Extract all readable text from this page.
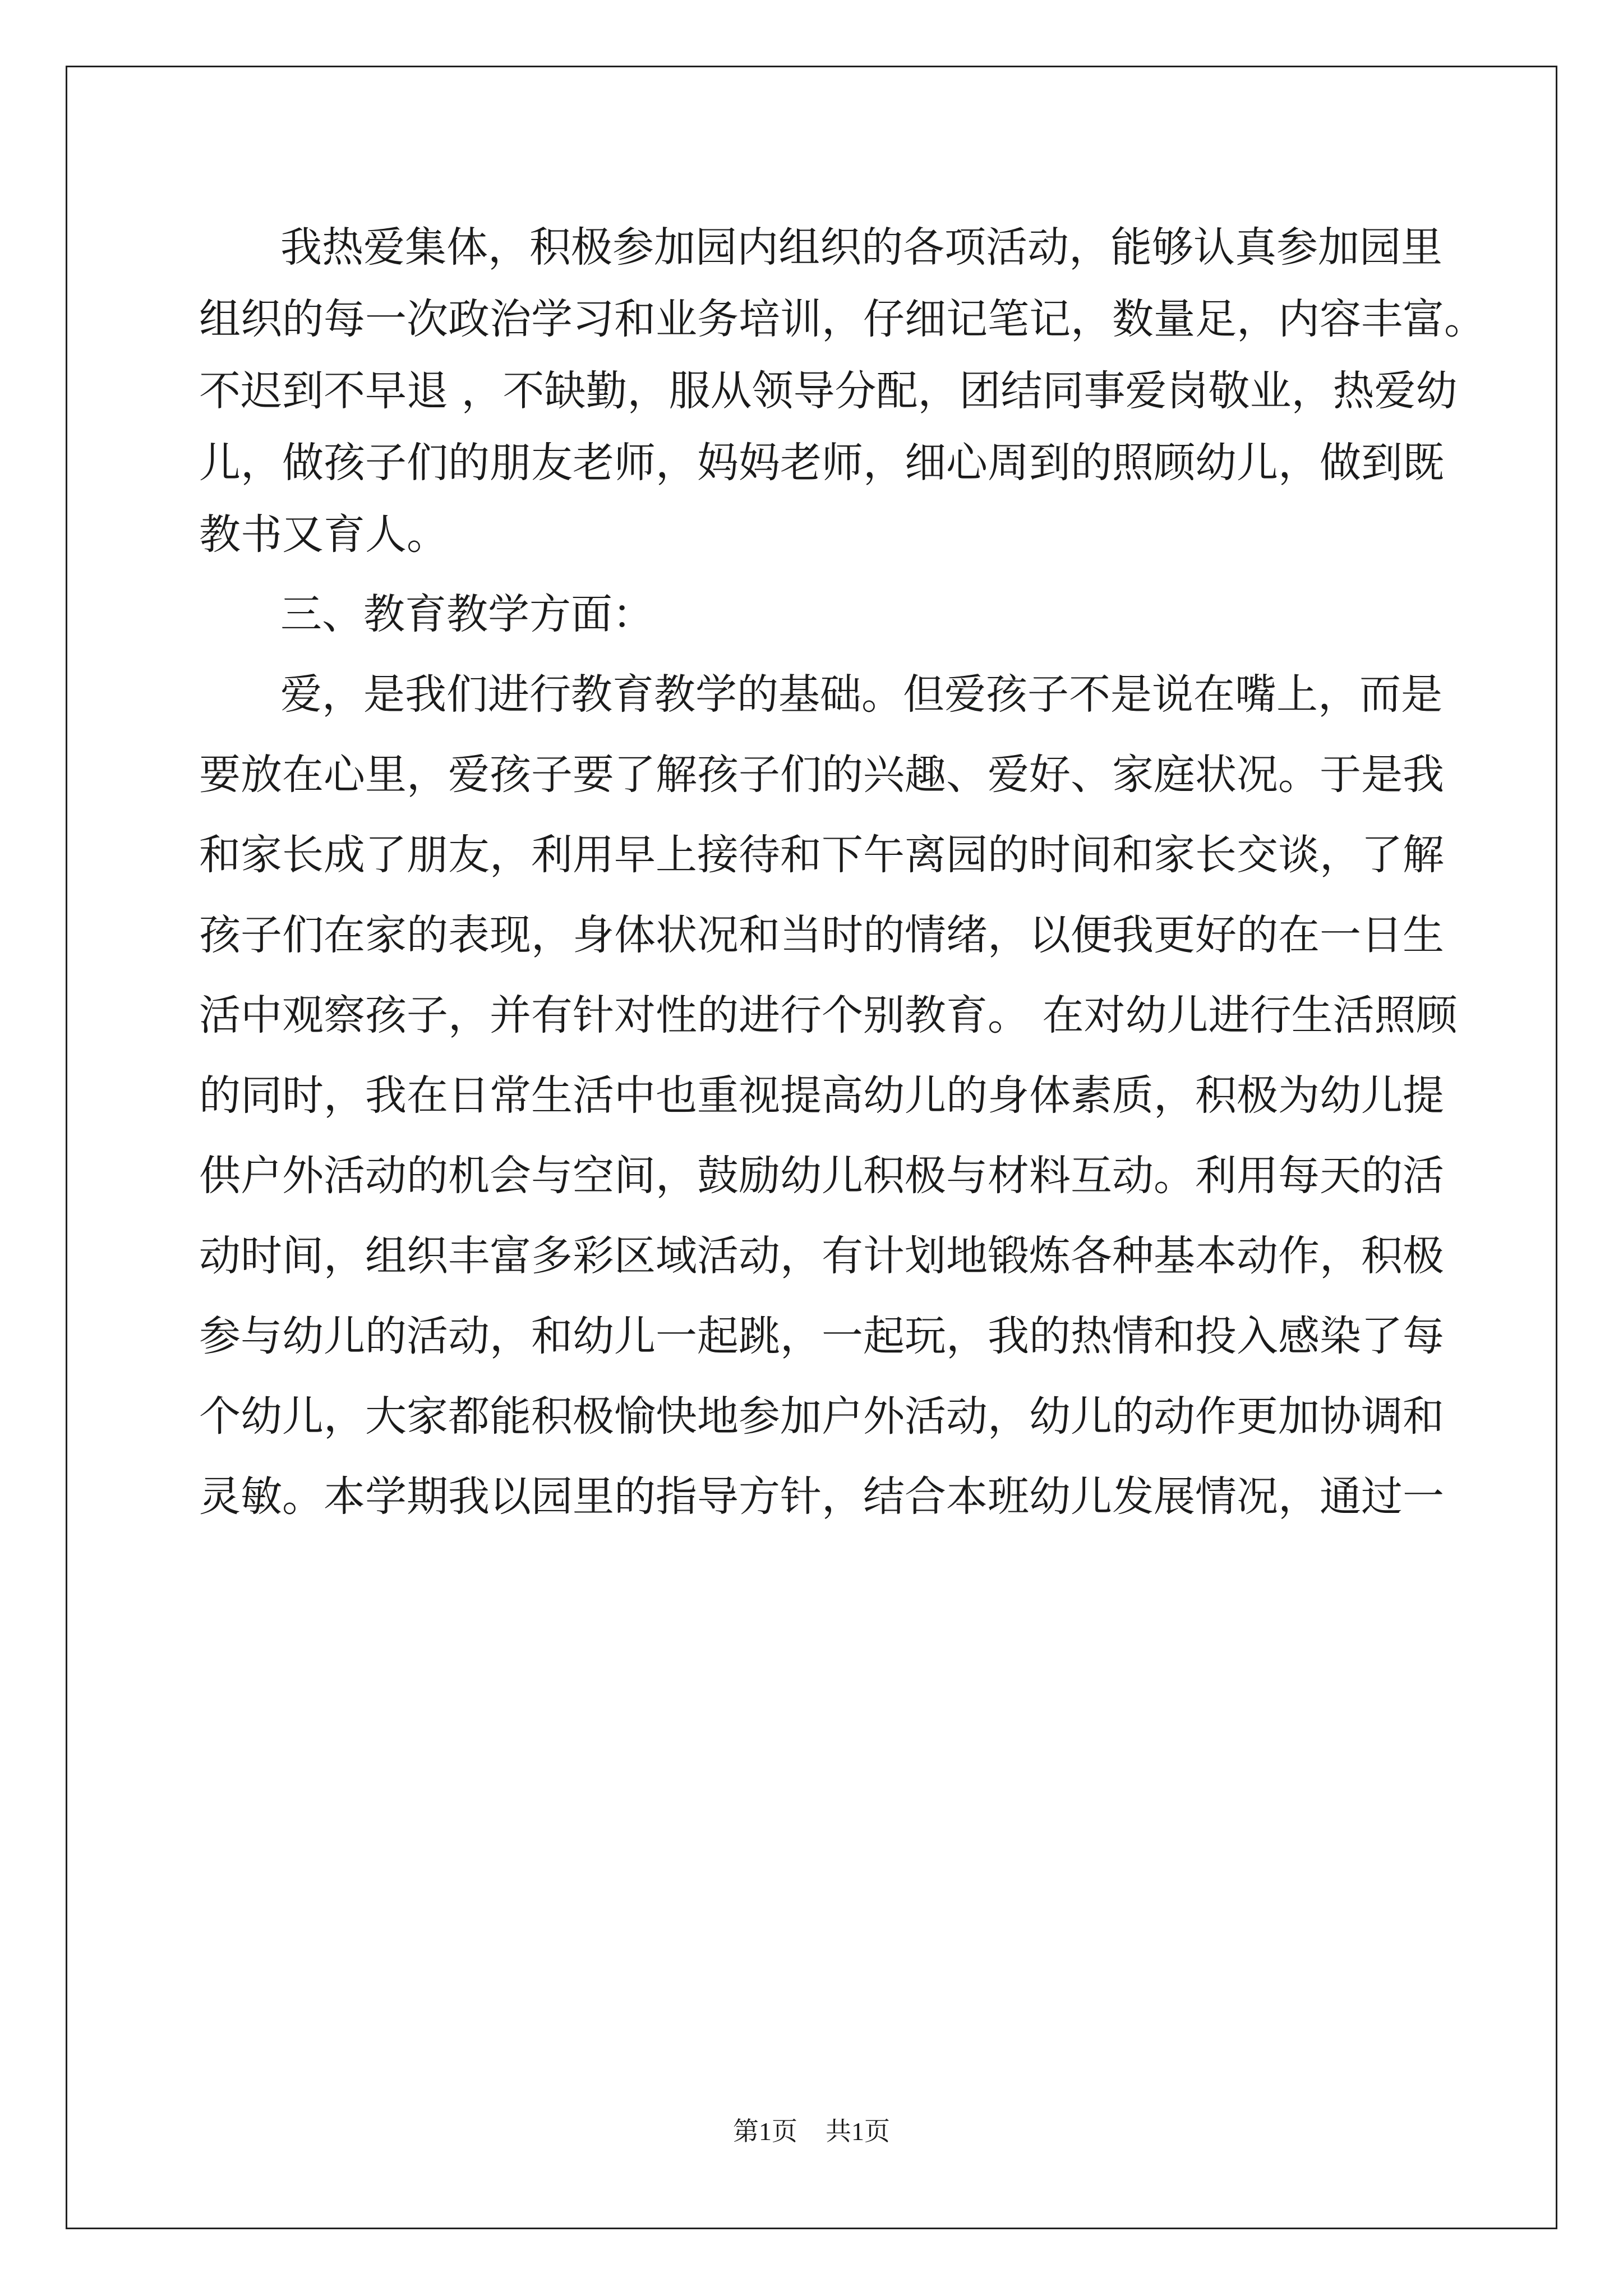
我热爱集体，积极参加园内组织的各项活动，能够认真参加园里
组织的每一次政治学习和业务培训，仔细记笔记，数量足，内容丰富。
不迟到不早退 ，不缺勤，服从领导分配，团结同事爱岗敬业，热爱幼
儿，做孩子们的朋友老师，妈妈老师，细心周到的照顾幼儿，做到既
教书又育人。
三、教育教学方面：
爱，是我们进行教育教学的基础。但爱孩子不是说在嘴上，而是
要放在心里，爱孩子要了解孩子们的兴趣、爱好、家庭状况。于是我
和家长成了朋友，利用早上接待和下午离园的时间和家长交谈，了解
孩子们在家的表现，身体状况和当时的情绪，以便我更好的在一日生
活中观察孩子，并有针对性的进行个别教育。 在对幼儿进行生活照顾
的同时，我在日常生活中也重视提高幼儿的身体素质，积极为幼儿提
供户外活动的机会与空间，鼓励幼儿积极与材料互动。利用每天的活
动时间，组织丰富多彩区域活动，有计划地锻炼各种基本动作，积极
参与幼儿的活动，和幼儿一起跳，一起玩，我的热情和投入感染了每
个幼儿，大家都能积极愉快地参加户外活动，幼儿的动作更加协调和
灵敏。本学期我以园里的指导方针，结合本班幼儿发展情况，通过一
第1页 共1页
